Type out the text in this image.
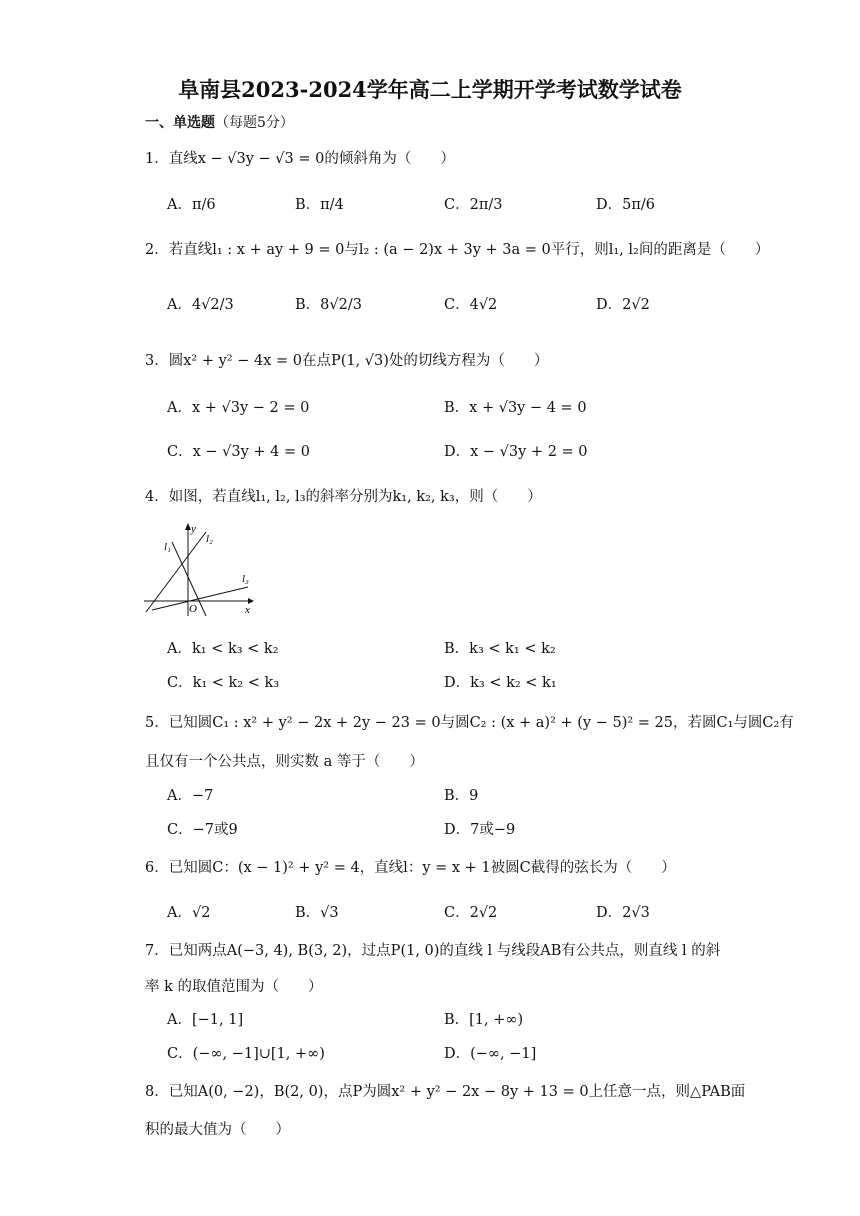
阜南县2023-2024学年高二上学期开学考试数学试卷
一、单选题（每题5分）
1．直线x − √3y − √3 = 0的倾斜角为（　　）
A．π/6	B．π/4	C．2π/3	D．5π/6
2．若直线l₁ : x + ay + 9 = 0与l₂ : (a − 2)x + 3y + 3a = 0平行，则l₁, l₂间的距离是（　　）
A．4√2/3	B．8√2/3	C．4√2	D．2√2
3．圆x² + y² − 4x = 0在点P(1, √3)处的切线方程为（　　）
A．x + √3y − 2 = 0	B．x + √3y − 4 = 0
C．x − √3y + 4 = 0	D．x − √3y + 2 = 0
4．如图，若直线l₁, l₂, l₃的斜率分别为k₁, k₂, k₃，则（　　）
y
l₁
l₂
l₃
O	x
A．k₁ < k₃ < k₂	B．k₃ < k₁ < k₂
C．k₁ < k₂ < k₃	D．k₃ < k₂ < k₁
5．已知圆C₁ : x² + y² − 2x + 2y − 23 = 0与圆C₂ : (x + a)² + (y − 5)² = 25，若圆C₁与圆C₂有
且仅有一个公共点，则实数 a 等于（　　）
A．−7	B．9
C．−7或9	D．7或−9
6．已知圆C：(x − 1)² + y² = 4，直线l：y = x + 1被圆C截得的弦长为（　　）
A．√2	B．√3	C．2√2	D．2√3
7．已知两点A(−3, 4), B(3, 2)，过点P(1, 0)的直线 l 与线段AB有公共点，则直线 l 的斜
率 k 的取值范围为（　　）
A．[−1, 1]	B．[1, +∞)
C．(−∞, −1]∪[1, +∞)	D．(−∞, −1]
8．已知A(0, −2)，B(2, 0)，点P为圆x² + y² − 2x − 8y + 13 = 0上任意一点，则△PAB面
积的最大值为（　　）
